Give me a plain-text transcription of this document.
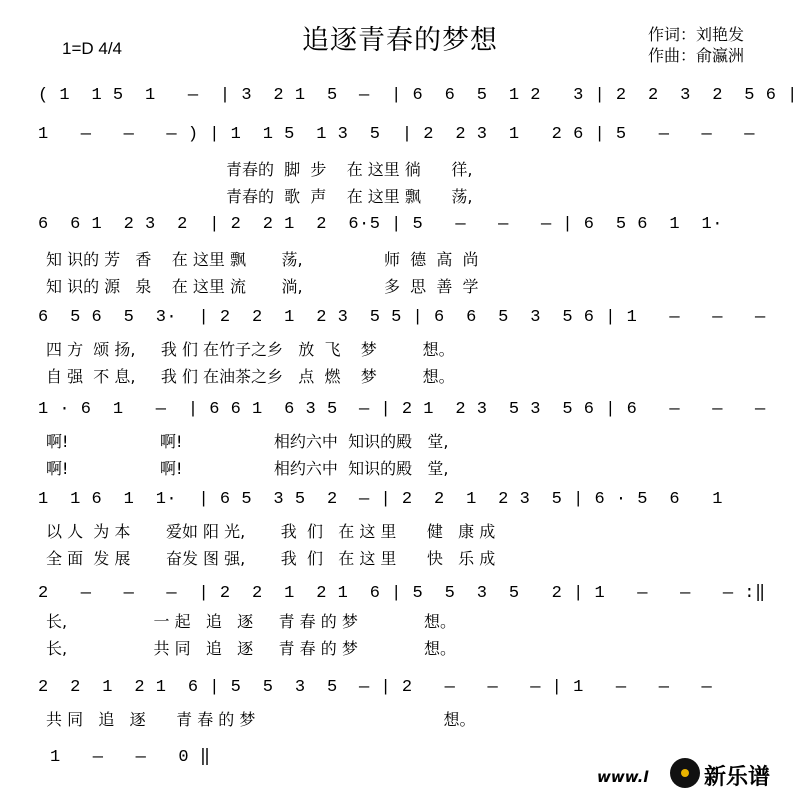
追逐青春的梦想
1=D 4/4
作词：刘艳发
作曲：俞瀛洲
( 1  1 5  1   —  | 3  2 1  5  —  | 6  6  5  1 2   3 | 2  2  3  2  5 6 |
1   —   —   — ) | 1  1 5  1 3  5  | 2  2 3  1   2 6 | 5   —   —   —
青春的  脚  步    在 这里 徜      徉,
青春的  歌  声    在 这里 飘      荡,
6  6 1  2 3  2  | 2  2 1  2  6·5 | 5   —   —   — | 6  5 6  1  1·
知 识的 芳   香    在 这里 飘       荡,                师  德  高  尚
知 识的 源   泉    在 这里 流       淌,                多  思  善  学
6  5 6  5  3·  | 2  2  1  2 3  5 5 | 6  6  5  3  5 6 | 1   —   —   —
四 方  颂 扬,     我 们 在竹子之乡   放  飞    梦         想。
自 强  不 息,     我 们 在油茶之乡   点  燃    梦         想。
1 · 6  1   —  | 6 6 1  6 3 5  — | 2 1  2 3  5 3  5 6 | 6   —   —   —
啊!                  啊!                  相约六中  知识的殿   堂,
啊!                  啊!                  相约六中  知识的殿   堂,
1  1 6  1  1·  | 6 5  3 5  2  — | 2  2  1  2 3  5 | 6 · 5  6   1
以 人  为 本       爱如 阳 光,       我  们   在 这 里      健   康 成
全 面  发 展       奋发 图 强,       我  们   在 这 里      快   乐 成
2   —   —   —  | 2  2  1  2 1  6 | 5  5  3  5   2 | 1   —   —   — :‖
长,                 一 起   追   逐     青 春 的 梦             想。
长,                 共 同   追   逐     青 春 的 梦             想。
2  2  1  2 1  6 | 5  5  3  5  — | 2   —   —   — | 1   —   —   —
共 同   追   逐      青 春 的 梦                                     想。
1   —   —   0 ‖
www.l	新乐谱
